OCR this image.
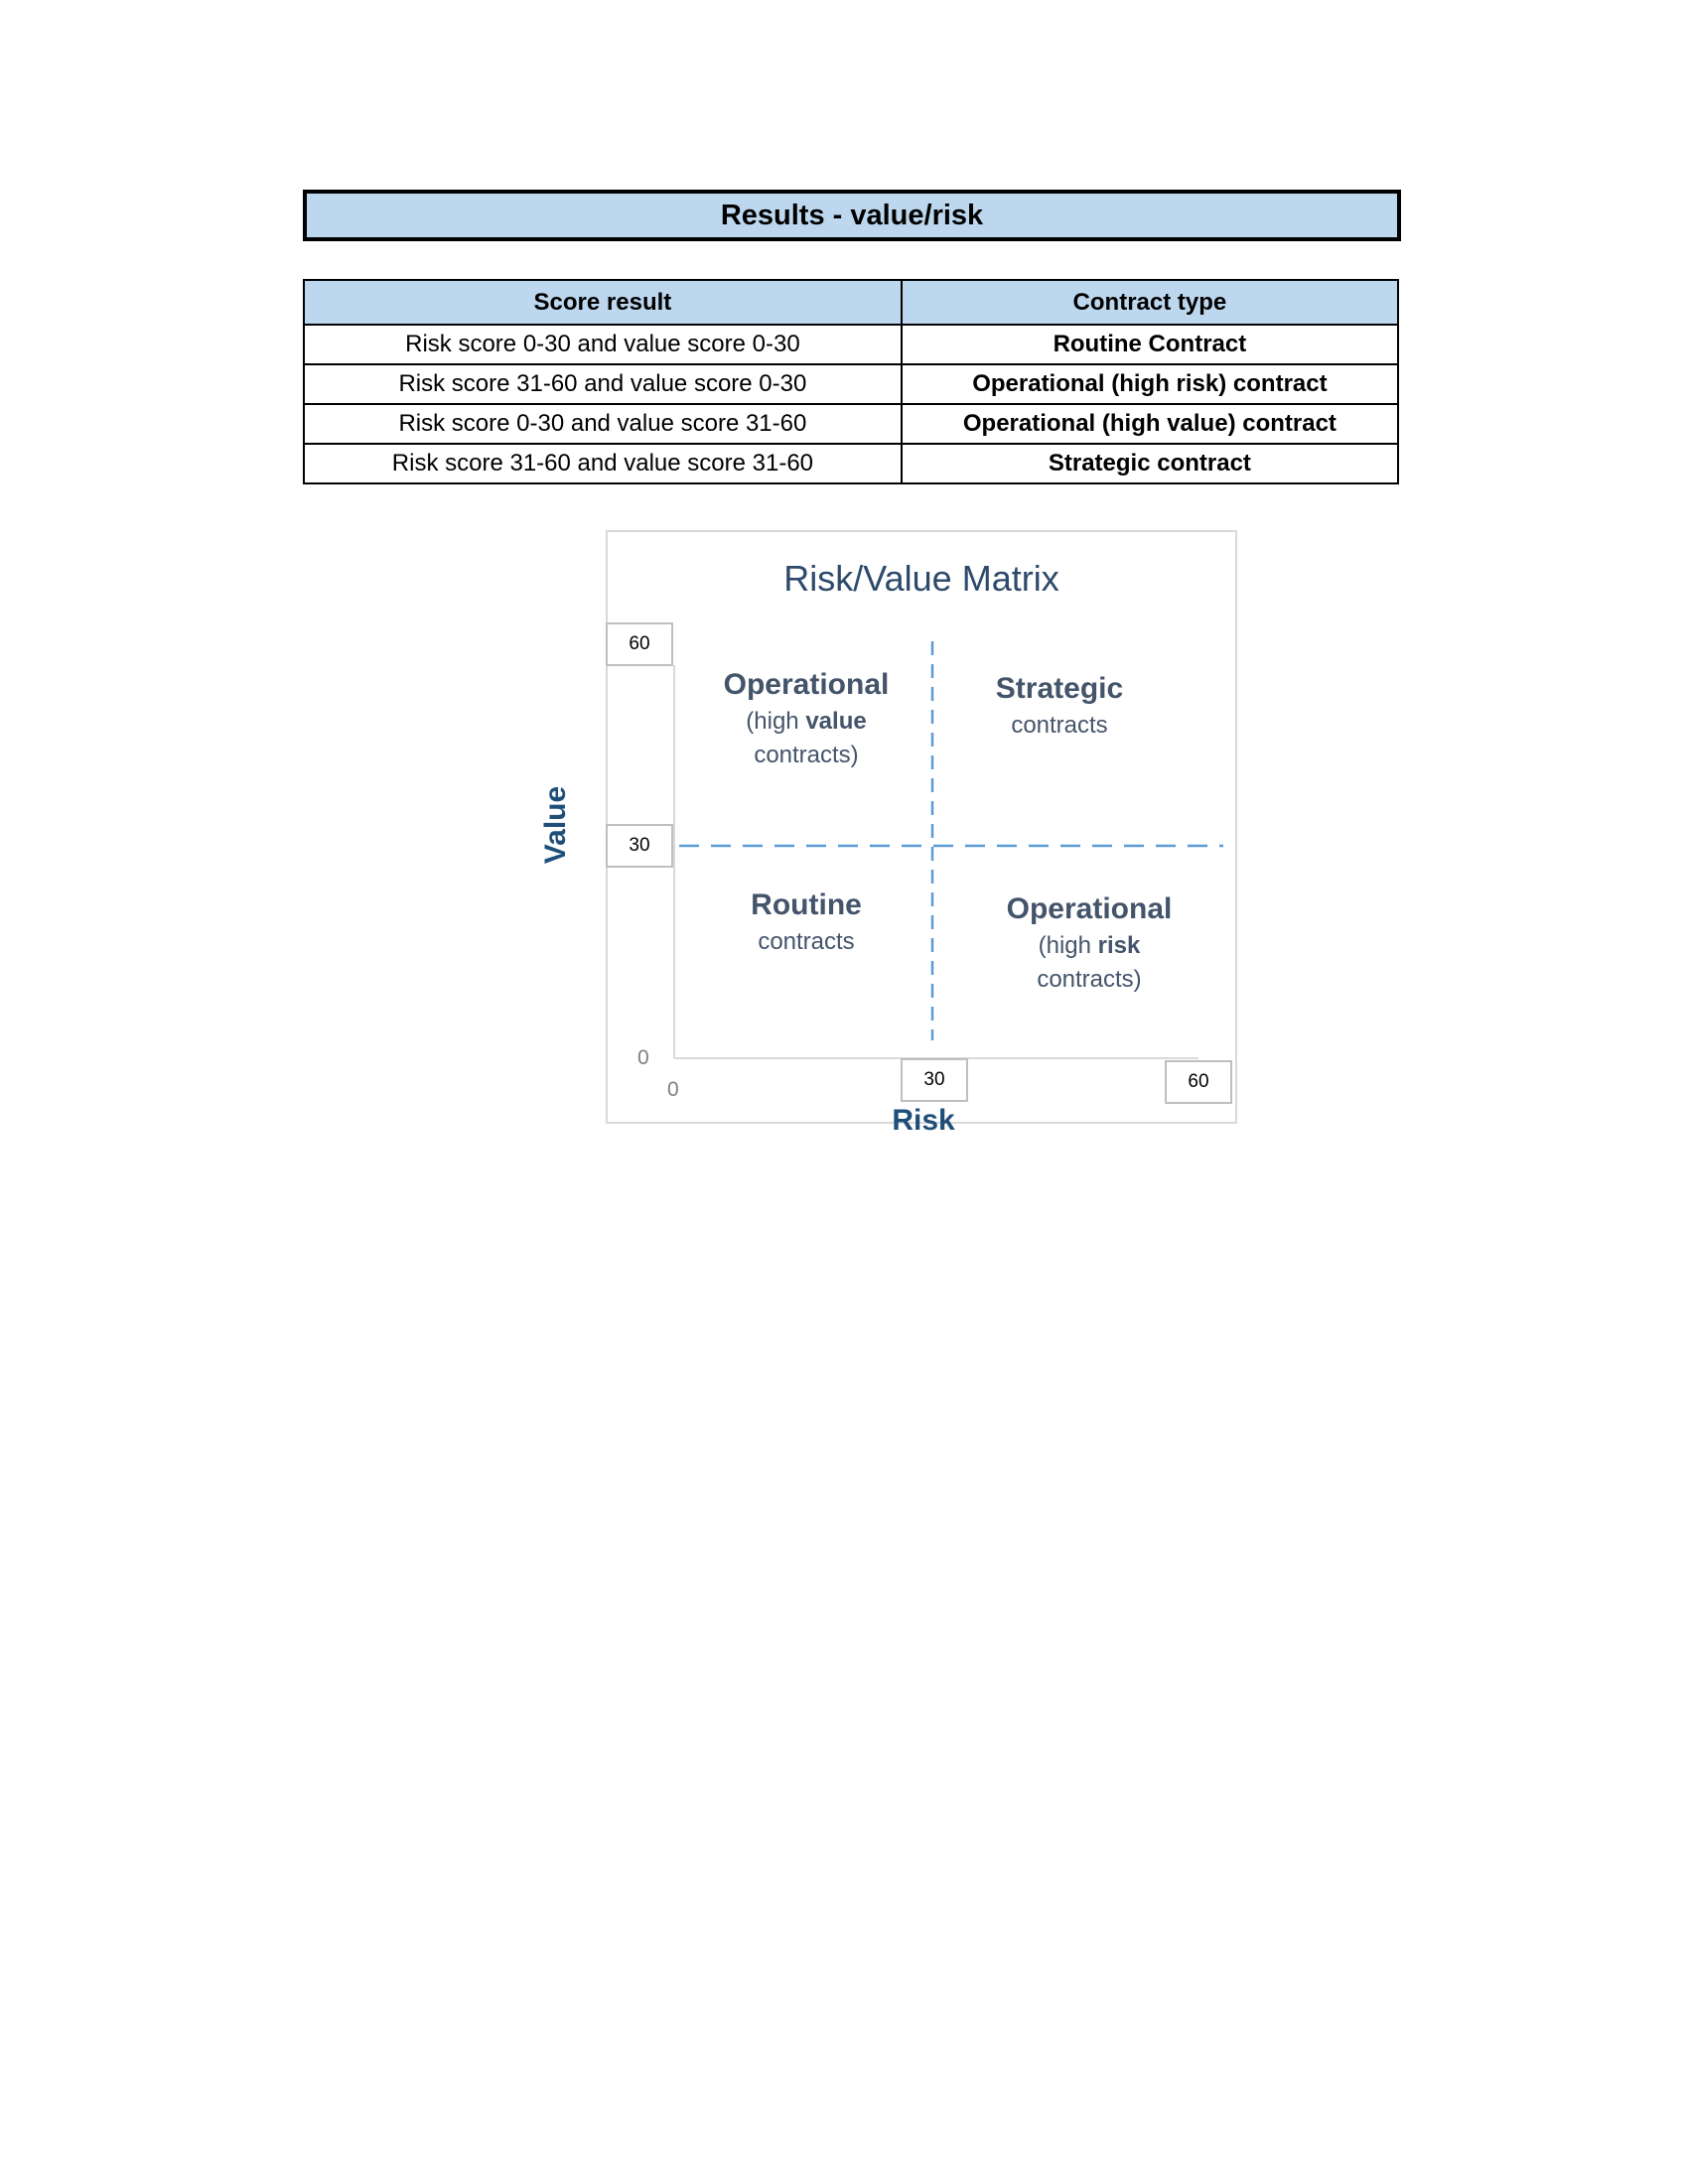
Results - value/risk
Score result	Contract type
Risk score 0-30 and value score 0-30	Routine Contract
Risk score 31-60 and value score 0-30	Operational (high risk) contract
Risk score 0-30 and value score 31-60	Operational (high value) contract
Risk score 31-60 and value score 31-60	Strategic contract
Value
Risk/Value Matrix
60
30
0
0	30	60
Operational
(high value
contracts)
Strategic
contracts
Routine
contracts
Operational
(high risk
contracts)
Risk
